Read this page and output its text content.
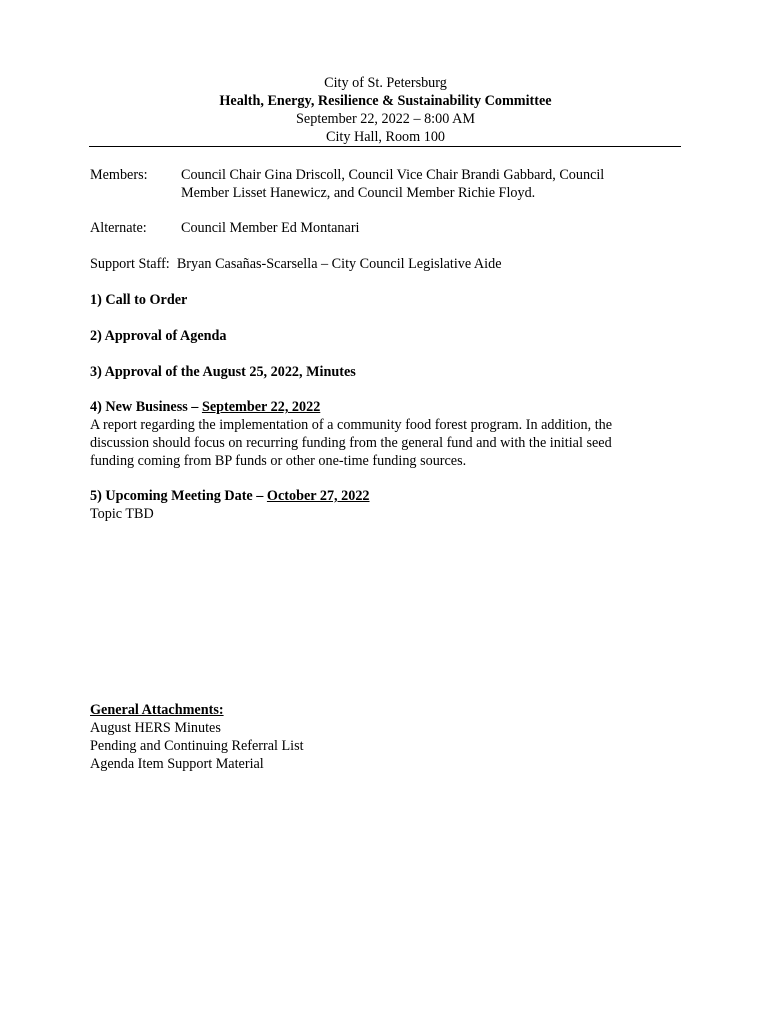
City of St. Petersburg
Health, Energy, Resilience & Sustainability Committee
September 22, 2022 – 8:00 AM
City Hall, Room 100
Members: Council Chair Gina Driscoll, Council Vice Chair Brandi Gabbard, Council
Member Lisset Hanewicz, and Council Member Richie Floyd.
Alternate: Council Member Ed Montanari
Support Staff: Bryan Casañas-Scarsella – City Council Legislative Aide
1) Call to Order
2) Approval of Agenda
3) Approval of the August 25, 2022, Minutes
4) New Business – September 22, 2022
A report regarding the implementation of a community food forest program. In addition, the
discussion should focus on recurring funding from the general fund and with the initial seed
funding coming from BP funds or other one-time funding sources.
5) Upcoming Meeting Date – October 27, 2022
Topic TBD
General Attachments:
August HERS Minutes
Pending and Continuing Referral List
Agenda Item Support Material
